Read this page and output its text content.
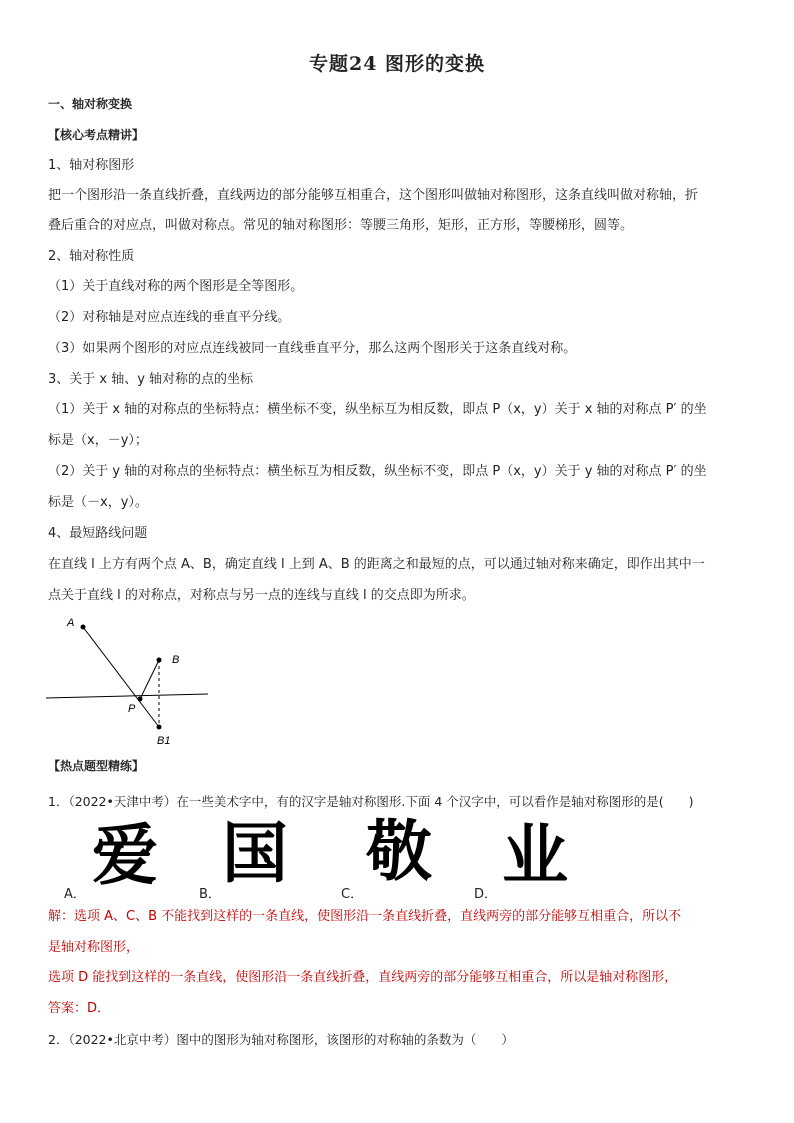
专题24 图形的变换
一、轴对称变换
【核心考点精讲】
1、轴对称图形
把一个图形沿一条直线折叠，直线两边的部分能够互相重合，这个图形叫做轴对称图形，这条直线叫做对称轴，折
叠后重合的对应点，叫做对称点。常见的轴对称图形：等腰三角形，矩形，正方形，等腰梯形，圆等。
2、轴对称性质
（1）关于直线对称的两个图形是全等图形。
（2）对称轴是对应点连线的垂直平分线。
（3）如果两个图形的对应点连线被同一直线垂直平分，那么这两个图形关于这条直线对称。
3、关于 x 轴、y 轴对称的点的坐标
（1）关于 x 轴的对称点的坐标特点：横坐标不变，纵坐标互为相反数，即点 P（x，y）关于 x 轴的对称点 P′ 的坐
标是（x，－y）；
（2）关于 y 轴的对称点的坐标特点：横坐标互为相反数，纵坐标不变，即点 P（x，y）关于 y 轴的对称点 P′ 的坐
标是（－x，y）。
4、最短路线问题
在直线 l 上方有两个点 A、B，确定直线 l 上到 A、B 的距离之和最短的点，可以通过轴对称来确定，即作出其中一
点关于直线 l 的对称点，对称点与另一点的连线与直线 l 的交点即为所求。
A
B
P
B1
【热点题型精练】
1．（2022•天津中考）在一些美术字中，有的汉字是轴对称图形.下面 4 个汉字中，可以看作是轴对称图形的是(　　)
A．
爱
B．
国
C．
敬
D．
业
解：选项 A、C、B 不能找到这样的一条直线，使图形沿一条直线折叠，直线两旁的部分能够互相重合，所以不
是轴对称图形，
选项 D 能找到这样的一条直线，使图形沿一条直线折叠，直线两旁的部分能够互相重合，所以是轴对称图形，
答案：D．
2．（2022•北京中考）图中的图形为轴对称图形，该图形的对称轴的条数为（　　）
